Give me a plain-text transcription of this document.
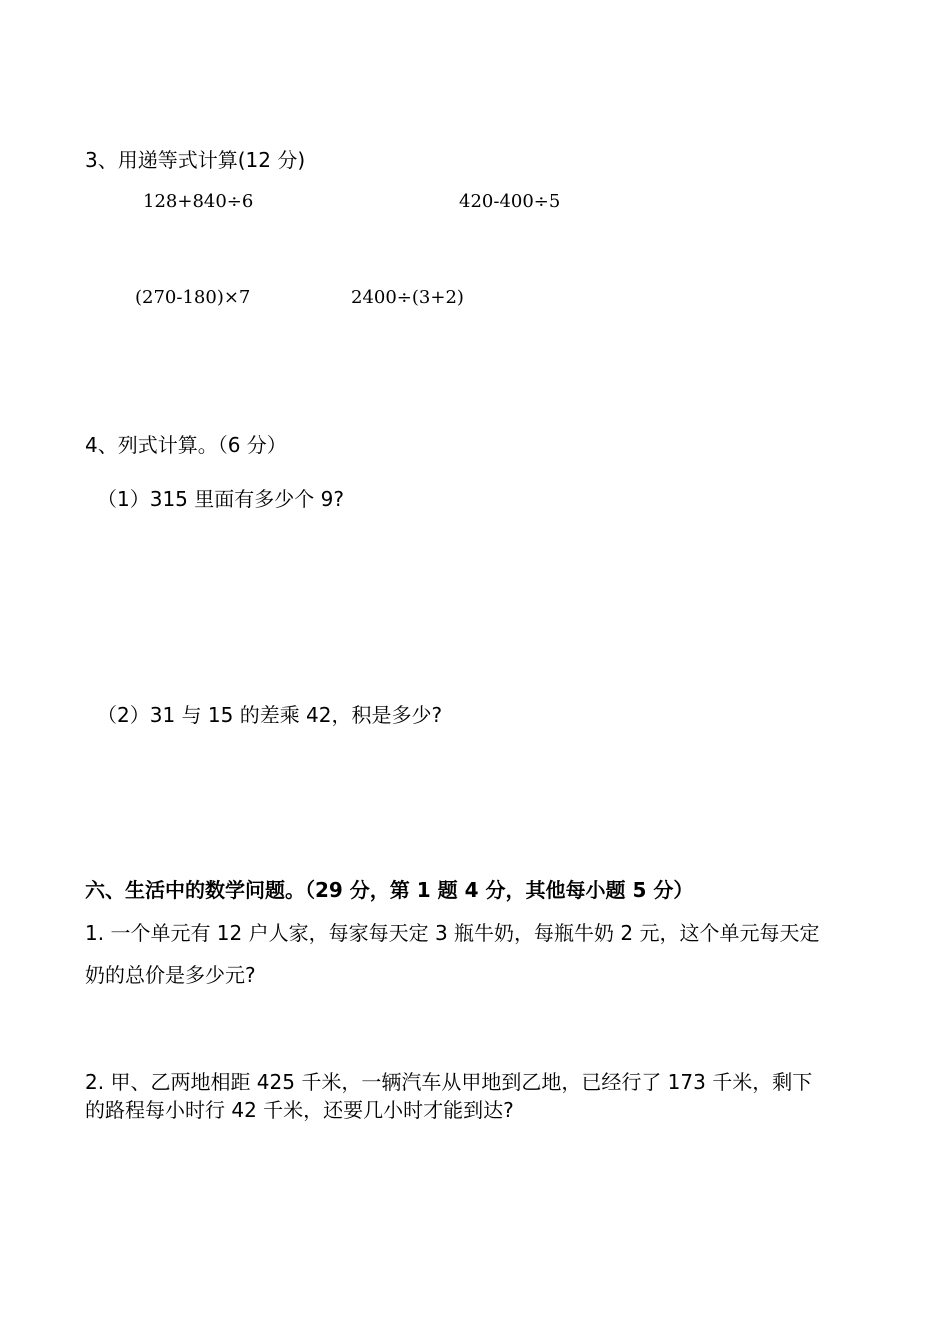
3、用递等式计算(12 分)
128+840÷6	420-400÷5
(270-180)×7	2400÷(3+2)
4、列式计算。（6 分）
（1）315 里面有多少个 9?
（2）31 与 15 的差乘 42，积是多少?
六、生活中的数学问题。（29 分，第 1 题 4 分，其他每小题 5 分）
1. 一个单元有 12 户人家，每家每天定 3 瓶牛奶，每瓶牛奶 2 元，这个单元每天定
奶的总价是多少元?
2. 甲、乙两地相距 425 千米，一辆汽车从甲地到乙地，已经行了 173 千米，剩下
的路程每小时行 42 千米，还要几小时才能到达?
